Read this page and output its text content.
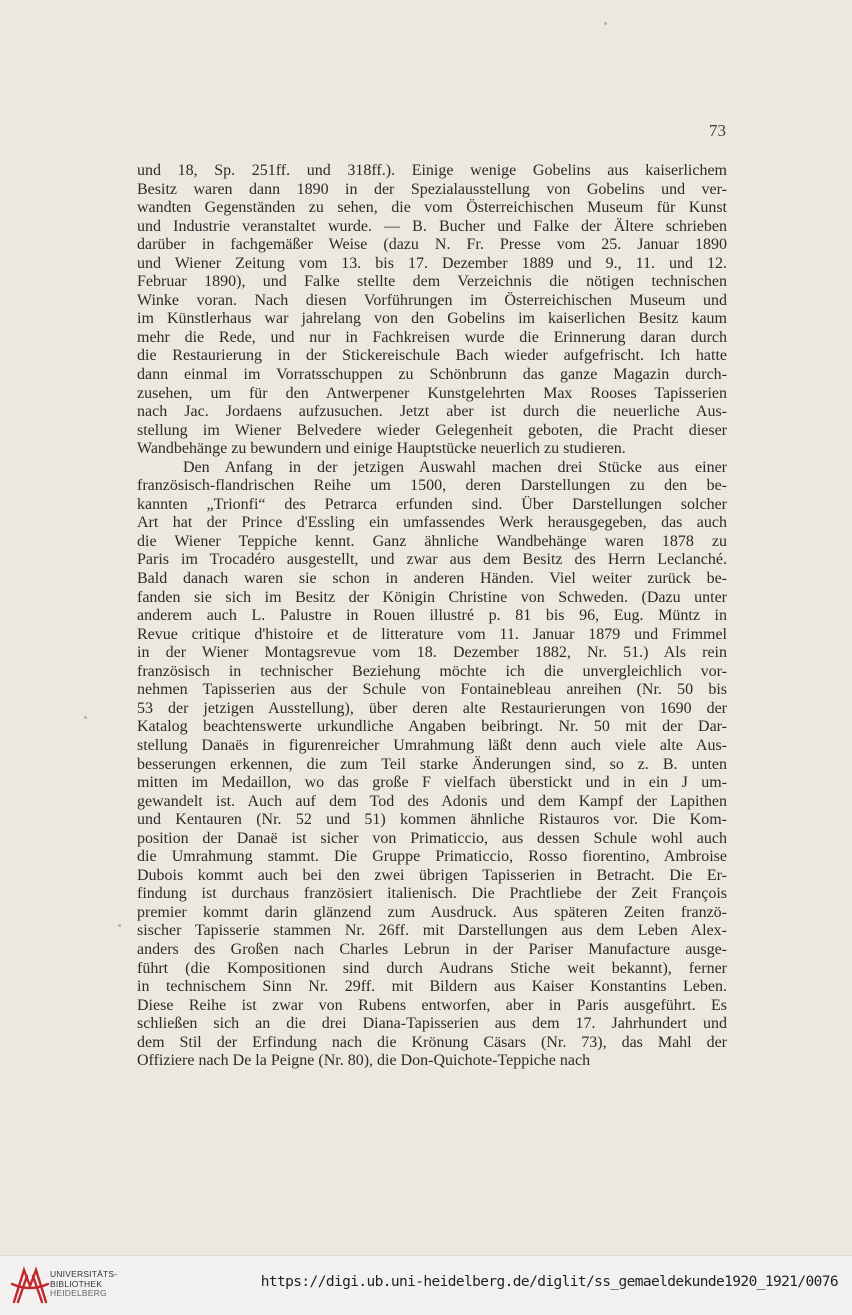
73
und 18, Sp. 251ff. und 318ff.). Einige wenige Gobelins aus kaiserlichem
Besitz waren dann 1890 in der Spezialausstellung von Gobelins und ver-
wandten Gegenständen zu sehen, die vom Österreichischen Museum für Kunst
und Industrie veranstaltet wurde. — B. Bucher und Falke der Ältere schrieben
darüber in fachgemäßer Weise (dazu N. Fr. Presse vom 25. Januar 1890
und Wiener Zeitung vom 13. bis 17. Dezember 1889 und 9., 11. und 12.
Februar 1890), und Falke stellte dem Verzeichnis die nötigen technischen
Winke voran. Nach diesen Vorführungen im Österreichischen Museum und
im Künstlerhaus war jahrelang von den Gobelins im kaiserlichen Besitz kaum
mehr die Rede, und nur in Fachkreisen wurde die Erinnerung daran durch
die Restaurierung in der Stickereischule Bach wieder aufgefrischt. Ich hatte
dann einmal im Vorratsschuppen zu Schönbrunn das ganze Magazin durch-
zusehen, um für den Antwerpener Kunstgelehrten Max Rooses Tapisserien
nach Jac. Jordaens aufzusuchen. Jetzt aber ist durch die neuerliche Aus-
stellung im Wiener Belvedere wieder Gelegenheit geboten, die Pracht dieser
Wandbehänge zu bewundern und einige Hauptstücke neuerlich zu studieren.
Den Anfang in der jetzigen Auswahl machen drei Stücke aus einer
französisch-flandrischen Reihe um 1500, deren Darstellungen zu den be-
kannten „Trionfi“ des Petrarca erfunden sind. Über Darstellungen solcher
Art hat der Prince d'Essling ein umfassendes Werk herausgegeben, das auch
die Wiener Teppiche kennt. Ganz ähnliche Wandbehänge waren 1878 zu
Paris im Trocadéro ausgestellt, und zwar aus dem Besitz des Herrn Leclanché.
Bald danach waren sie schon in anderen Händen. Viel weiter zurück be-
fanden sie sich im Besitz der Königin Christine von Schweden. (Dazu unter
anderem auch L. Palustre in Rouen illustré p. 81 bis 96, Eug. Müntz in
Revue critique d'histoire et de litterature vom 11. Januar 1879 und Frimmel
in der Wiener Montagsrevue vom 18. Dezember 1882, Nr. 51.) Als rein
französisch in technischer Beziehung möchte ich die unvergleichlich vor-
nehmen Tapisserien aus der Schule von Fontainebleau anreihen (Nr. 50 bis
53 der jetzigen Ausstellung), über deren alte Restaurierungen von 1690 der
Katalog beachtenswerte urkundliche Angaben beibringt. Nr. 50 mit der Dar-
stellung Danaës in figurenreicher Umrahmung läßt denn auch viele alte Aus-
besserungen erkennen, die zum Teil starke Änderungen sind, so z. B. unten
mitten im Medaillon, wo das große F vielfach überstickt und in ein J um-
gewandelt ist. Auch auf dem Tod des Adonis und dem Kampf der Lapithen
und Kentauren (Nr. 52 und 51) kommen ähnliche Ristauros vor. Die Kom-
position der Danaë ist sicher von Primaticcio, aus dessen Schule wohl auch
die Umrahmung stammt. Die Gruppe Primaticcio, Rosso fiorentino, Ambroise
Dubois kommt auch bei den zwei übrigen Tapisserien in Betracht. Die Er-
findung ist durchaus französiert italienisch. Die Prachtliebe der Zeit François
premier kommt darin glänzend zum Ausdruck. Aus späteren Zeiten franzö-
sischer Tapisserie stammen Nr. 26ff. mit Darstellungen aus dem Leben Alex-
anders des Großen nach Charles Lebrun in der Pariser Manufacture ausge-
führt (die Kompositionen sind durch Audrans Stiche weit bekannt), ferner
in technischem Sinn Nr. 29ff. mit Bildern aus Kaiser Konstantins Leben.
Diese Reihe ist zwar von Rubens entworfen, aber in Paris ausgeführt. Es
schließen sich an die drei Diana-Tapisserien aus dem 17. Jahrhundert und
dem Stil der Erfindung nach die Krönung Cäsars (Nr. 73), das Mahl der
Offiziere nach De la Peigne (Nr. 80), die Don-Quichote-Teppiche nach
UNIVERSITÄTS-
BIBLIOTHEK
HEIDELBERG
https://digi.ub.uni-heidelberg.de/diglit/ss_gemaeldekunde1920_1921/0076
